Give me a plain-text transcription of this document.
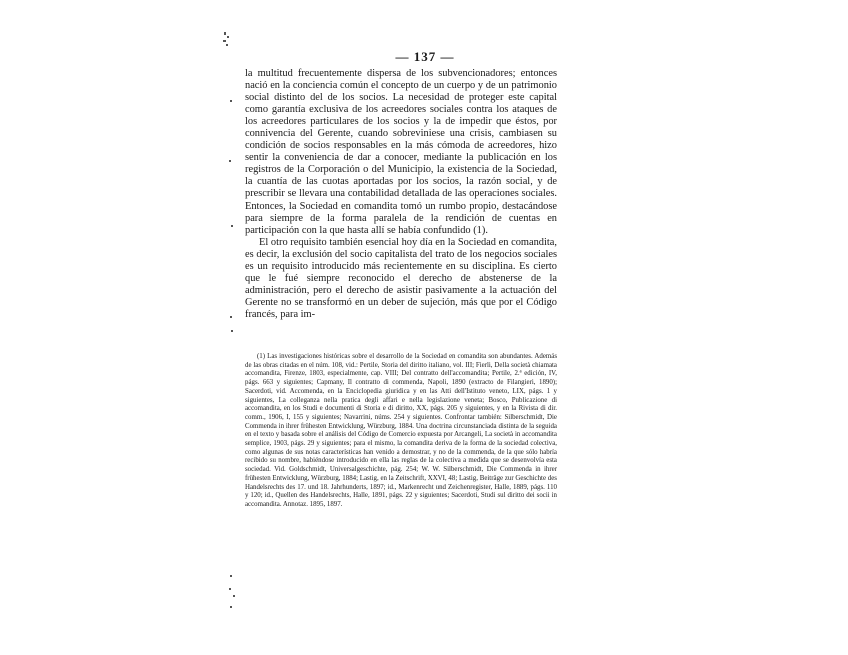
— 137 —

la multitud frecuentemente dispersa de los subvencionadores; entonces nació en la conciencia común el concepto de un cuerpo y de un patrimonio social distinto del de los socios. La necesidad de proteger este capital como garantía exclusiva de los acreedores sociales contra los ataques de los acreedores particulares de los socios y la de impedir que éstos, por connivencia del Gerente, cuando sobreviniese una crisis, cambiasen su condición de socios responsables en la más cómoda de acreedores, hizo sentir la conveniencia de dar a conocer, mediante la publicación en los registros de la Corporación o del Municipio, la existencia de la Sociedad, la cuantía de las cuotas aportadas por los socios, la razón social, y de prescribir se llevara una contabilidad detallada de las operaciones sociales. Entonces, la Sociedad en comandita tomó un rumbo propio, destacándose para siempre de la forma paralela de la rendición de cuentas en participación con la que hasta allí se había confundido (1).

El otro requisito también esencial hoy día en la Sociedad en comandita, es decir, la exclusión del socio capitalista del trato de los negocios sociales es un requisito introducido más recientemente en su disciplina. Es cierto que le fué siempre reconocido el derecho de abstenerse de la administración, pero el derecho de asistir pasivamente a la actuación del Gerente no se transformó en un deber de sujeción, más que por el Código francés, para im-

(1) Las investigaciones históricas sobre el desarrollo de la Sociedad en comandita son abundantes. Además de las obras citadas en el núm. 108, vid.: Pertile, Storia del diritto italiano, vol. III; Fierli, Della società chiamata accomandita, Firenze, 1803, especialmente, cap. VIII; Del contratto dell'accomandita; Pertile, 2.ª edición, IV, págs. 663 y siguientes; Capmany, Il contratto di commenda, Napoli, 1890 (extracto de Filangieri, 1890); Sacerdoti, vid. Accomenda, en la Enciclopedia giuridica y en las Atti dell'Istituto veneto, LIX, págs. 1 y siguientes, La colleganza nella pratica degli affari e nella legislazione veneta; Bosco, Publicazione di accomandita, en los Studi e documenti di Storia e di diritto, XX, págs. 205 y siguientes, y en la Rivista di dir. comm., 1906, I, 155 y siguientes; Navarrini, núms. 254 y siguientes. Confrontar también: Silberschmidt, Die Commenda in ihrer frühesten Entwicklung, Würzburg, 1884. Una doctrina circunstanciada distinta de la seguida en el texto y basada sobre el análisis del Código de Comercio expuesta por Arcangeli, La società in accomandita semplice, 1903, págs. 29 y siguientes; para el mismo, la comandita deriva de la forma de la sociedad colectiva, como algunas de sus notas características han venido a demostrar, y no de la commenda, de la que sólo habría recibido su nombre, habiéndose introducido en ella las reglas de la colectiva a medida que se desenvolvía esta sociedad. Vid. Goldschmidt, Universalgeschichte, pág. 254; W. W. Silberschmidt, Die Commenda in ihrer frühesten Entwicklung, Würzburg, 1884; Lastig, en la Zeitschrift, XXVI, 48; Lastig, Beiträge zur Geschichte des Handelsrechts des 17. und 18. Jahrhunderts, 1897; id., Markenrecht und Zeichenregister, Halle, 1889, págs. 110 y 120; id., Quellen des Handelsrechts, Halle, 1891, págs. 22 y siguientes; Sacerdoti, Studi sul diritto dei socii in accomandita. Annotaz. 1895, 1897.
